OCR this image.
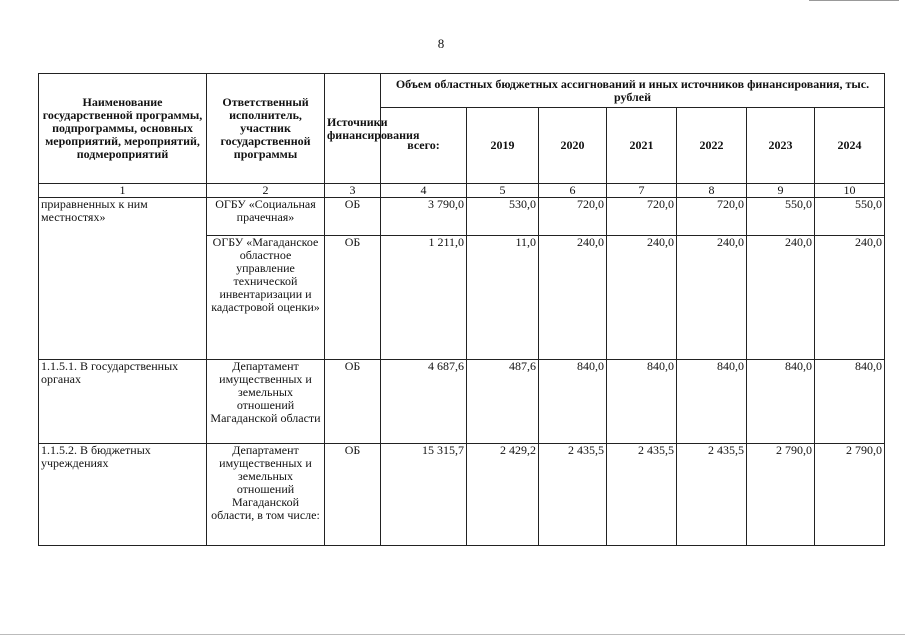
8
Наименование государственной программы, подпрограммы, основных мероприятий, мероприятий, подмероприятий	Ответственный исполнитель, участник государственной программы	Источники финансирования	Объем областных бюджетных ассигнований и иных источников финансирования, тыс. рублей						
			всего:	2019	2020	2021	2022	2023	2024
1	2	3	4	5	6	7	8	9	10
приравненных к ним местностях»	ОГБУ «Социальная прачечная»	ОБ	3 790,0	530,0	720,0	720,0	720,0	550,0	550,0
	ОГБУ «Магаданское областное управление технической инвентаризации и кадастровой оценки»	ОБ	1 211,0	11,0	240,0	240,0	240,0	240,0	240,0
1.1.5.1. В государственных органах	Департамент имущественных и земельных отношений Магаданской области	ОБ	4 687,6	487,6	840,0	840,0	840,0	840,0	840,0
1.1.5.2. В бюджетных учреждениях	Департамент имущественных и земельных отношений Магаданской области, в том числе:	ОБ	15 315,7	2 429,2	2 435,5	2 435,5	2 435,5	2 790,0	2 790,0
